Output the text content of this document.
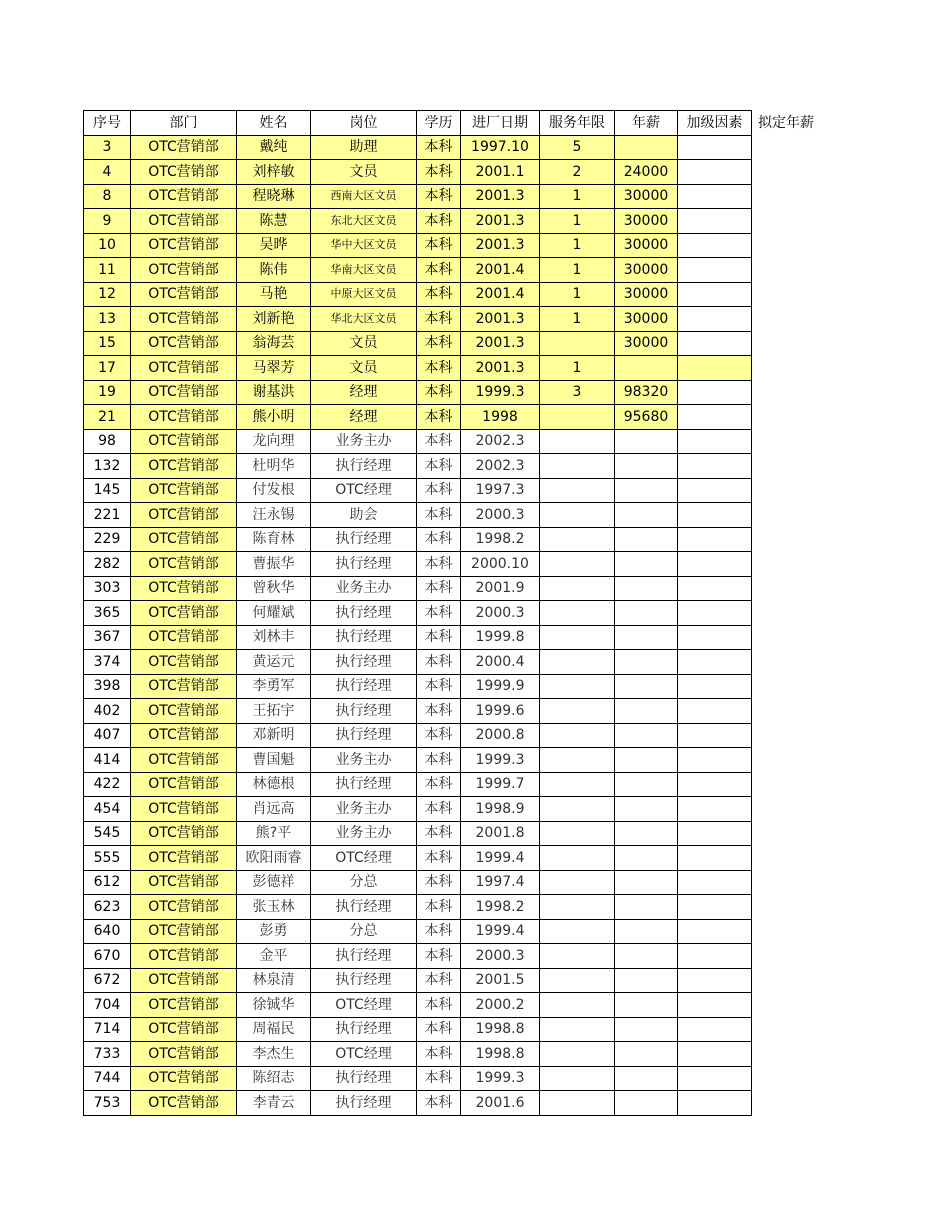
序号	部门	姓名	岗位	学历	进厂日期	服务年限	年薪	加级因素	拟定年薪
3	OTC营销部	戴纯	助理	本科	1997.10	5			
4	OTC营销部	刘梓敏	文员	本科	2001.1	2	24000		
8	OTC营销部	程晓琳	西南大区文员	本科	2001.3	1	30000		
9	OTC营销部	陈慧	东北大区文员	本科	2001.3	1	30000		
10	OTC营销部	吴晔	华中大区文员	本科	2001.3	1	30000		
11	OTC营销部	陈伟	华南大区文员	本科	2001.4	1	30000		
12	OTC营销部	马艳	中原大区文员	本科	2001.4	1	30000		
13	OTC营销部	刘新艳	华北大区文员	本科	2001.3	1	30000		
15	OTC营销部	翁海芸	文员	本科	2001.3		30000		
17	OTC营销部	马翠芳	文员	本科	2001.3	1			
19	OTC营销部	谢基洪	经理	本科	1999.3	3	98320		
21	OTC营销部	熊小明	经理	本科	1998		95680		
98	OTC营销部	龙向理	业务主办	本科	2002.3				
132	OTC营销部	杜明华	执行经理	本科	2002.3				
145	OTC营销部	付发根	OTC经理	本科	1997.3				
221	OTC营销部	汪永锡	助会	本科	2000.3				
229	OTC营销部	陈育林	执行经理	本科	1998.2				
282	OTC营销部	曹振华	执行经理	本科	2000.10				
303	OTC营销部	曾秋华	业务主办	本科	2001.9				
365	OTC营销部	何耀斌	执行经理	本科	2000.3				
367	OTC营销部	刘林丰	执行经理	本科	1999.8				
374	OTC营销部	黄运元	执行经理	本科	2000.4				
398	OTC营销部	李勇军	执行经理	本科	1999.9				
402	OTC营销部	王拓宇	执行经理	本科	1999.6				
407	OTC营销部	邓新明	执行经理	本科	2000.8				
414	OTC营销部	曹国魁	业务主办	本科	1999.3				
422	OTC营销部	林德根	执行经理	本科	1999.7				
454	OTC营销部	肖远高	业务主办	本科	1998.9				
545	OTC营销部	熊?平	业务主办	本科	2001.8				
555	OTC营销部	欧阳雨睿	OTC经理	本科	1999.4				
612	OTC营销部	彭德祥	分总	本科	1997.4				
623	OTC营销部	张玉林	执行经理	本科	1998.2				
640	OTC营销部	彭勇	分总	本科	1999.4				
670	OTC营销部	金平	执行经理	本科	2000.3				
672	OTC营销部	林泉清	执行经理	本科	2001.5				
704	OTC营销部	徐铖华	OTC经理	本科	2000.2				
714	OTC营销部	周福民	执行经理	本科	1998.8				
733	OTC营销部	李杰生	OTC经理	本科	1998.8				
744	OTC营销部	陈绍志	执行经理	本科	1999.3				
753	OTC营销部	李青云	执行经理	本科	2001.6				
